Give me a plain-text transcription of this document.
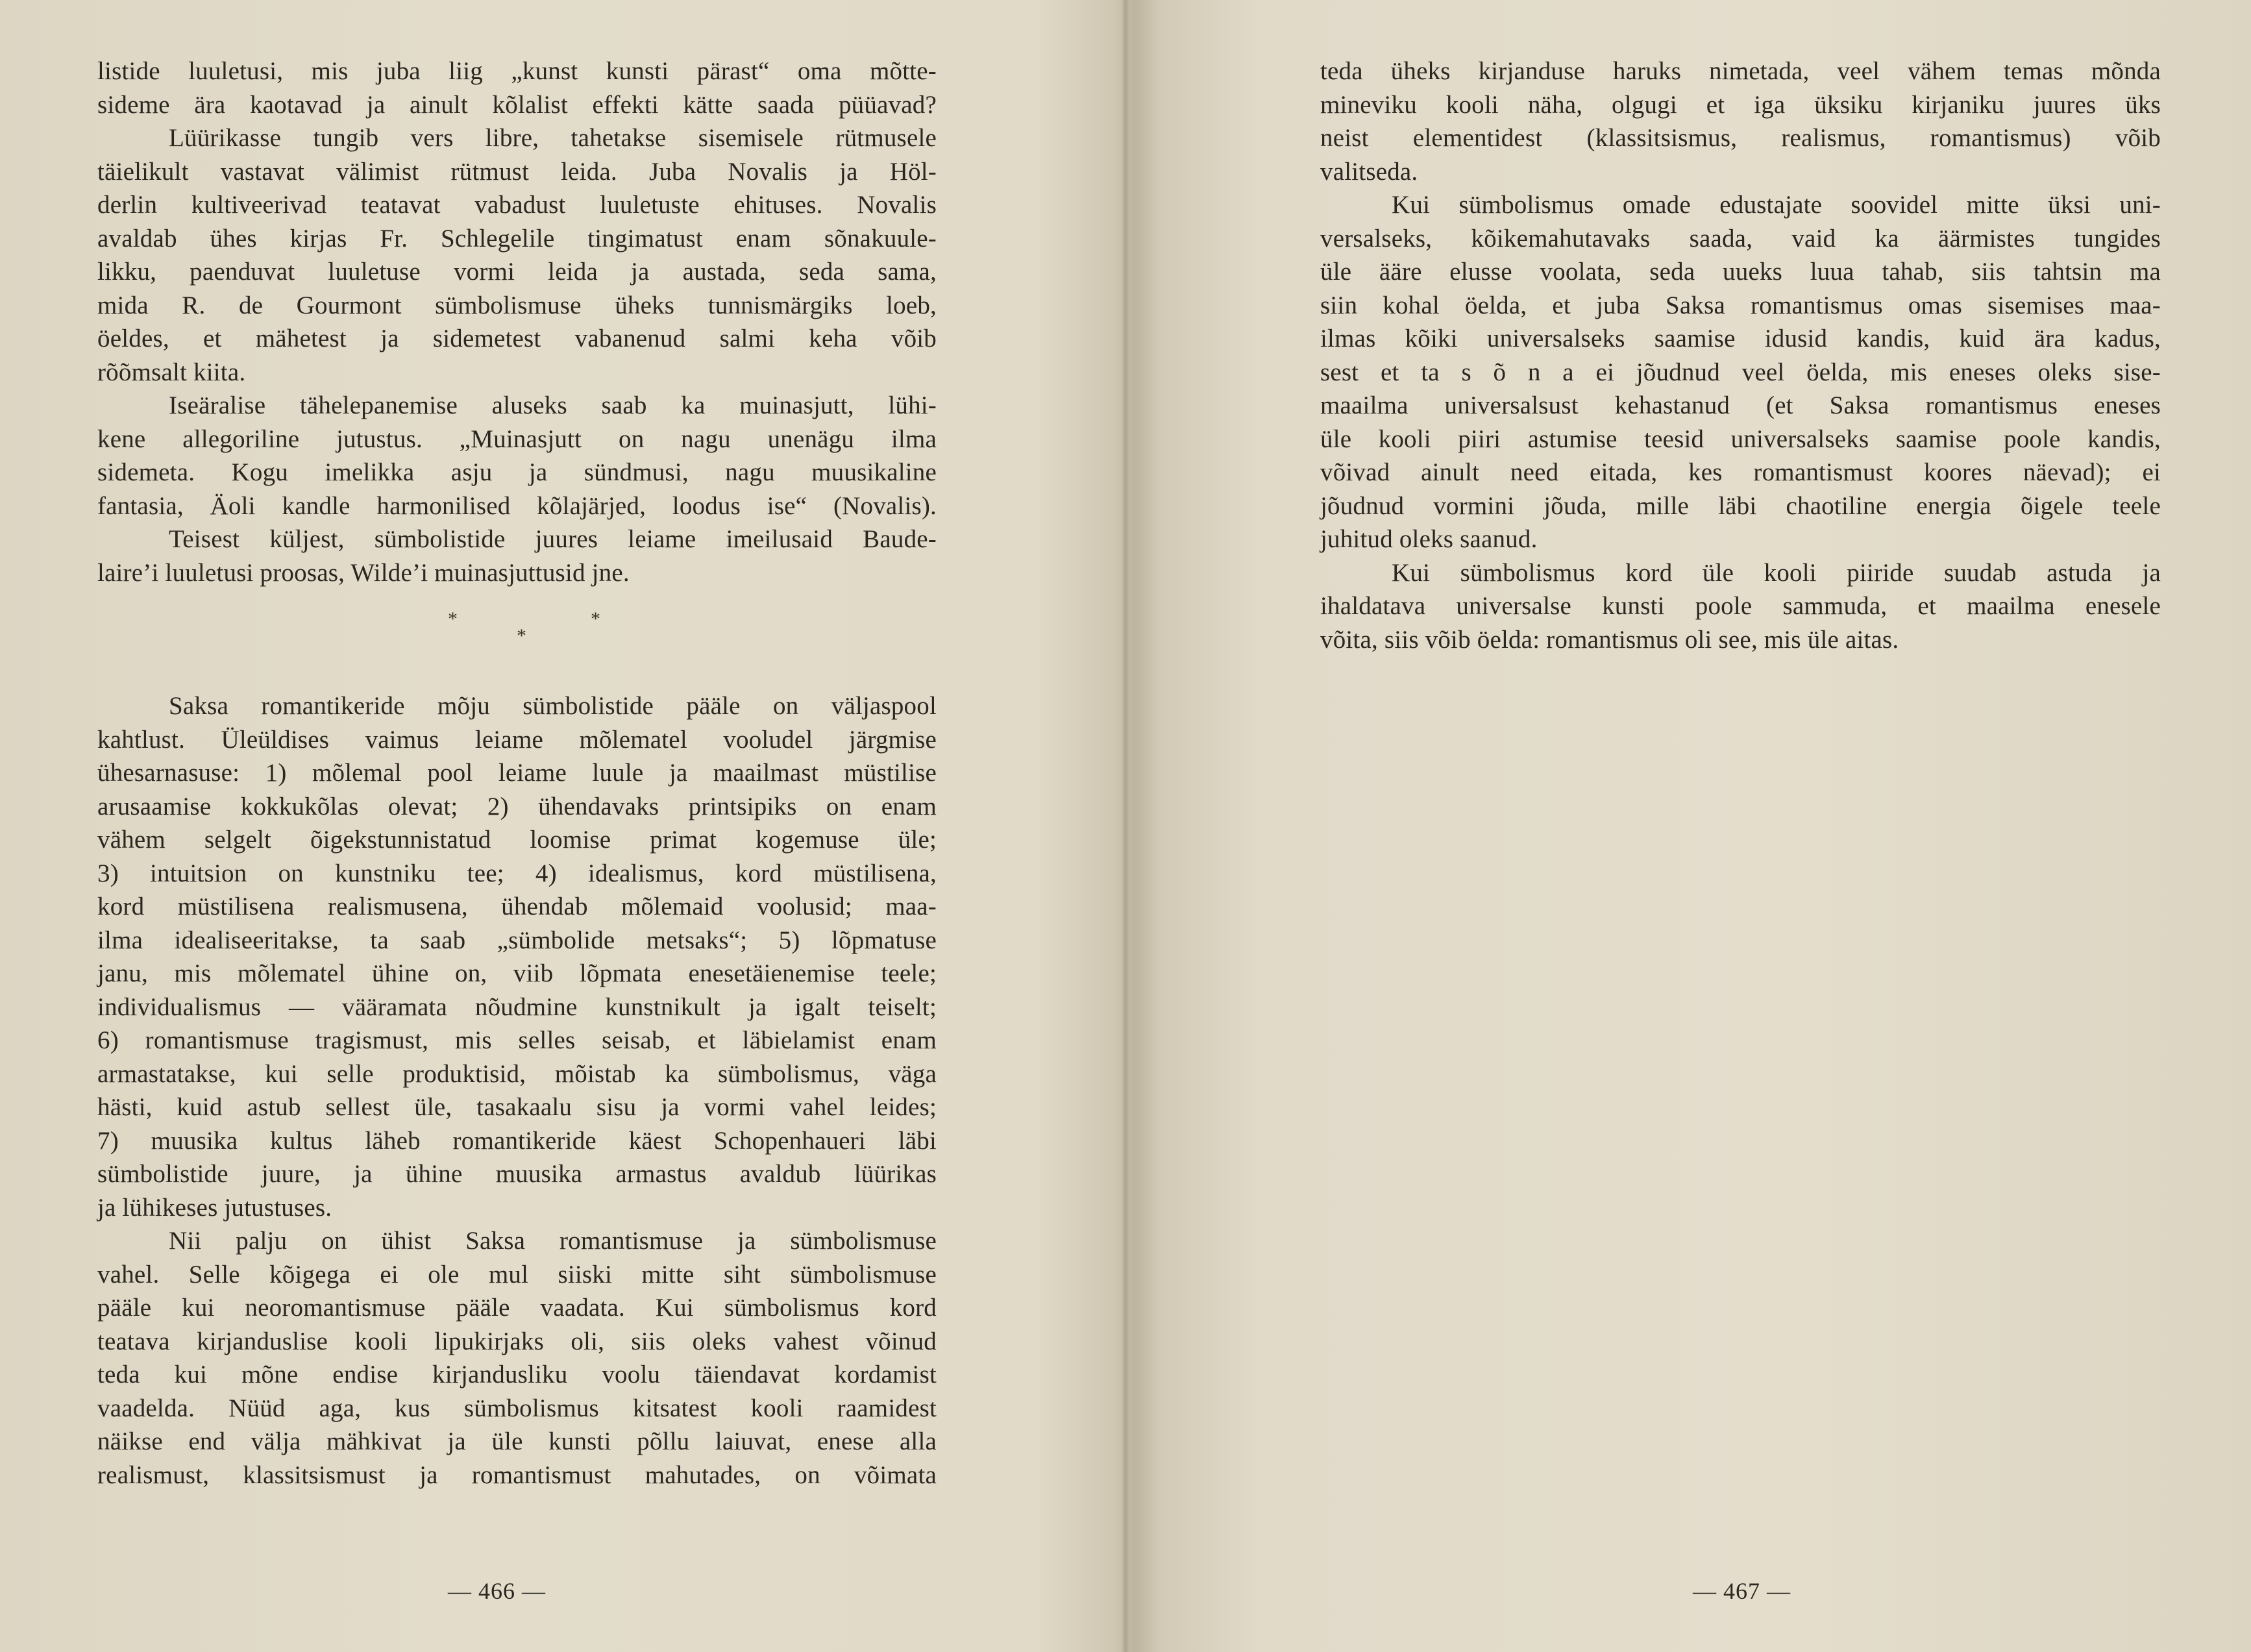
listide luuletusi, mis juba liig „kunst kunsti pärast“ oma mõtte-
sideme ära kaotavad ja ainult kõlalist effekti kätte saada püüavad?
Lüürikasse tungib vers libre, tahetakse sisemisele rütmusele
täielikult vastavat välimist rütmust leida. Juba Novalis ja Höl-
derlin kultiveerivad teatavat vabadust luuletuste ehituses. Novalis
avaldab ühes kirjas Fr. Schlegelile tingimatust enam sõnakuule-
likku, paenduvat luuletuse vormi leida ja austada, seda sama,
mida R. de Gourmont sümbolismuse üheks tunnismärgiks loeb,
öeldes, et mähetest ja sidemetest vabanenud salmi keha võib
rõõmsalt kiita.
Iseäralise tähelepanemise aluseks saab ka muinasjutt, lühi-
kene allegoriline jutustus. „Muinasjutt on nagu unenägu ilma
sidemeta. Kogu imelikka asju ja sündmusi, nagu muusikaline
fantasia, Äoli kandle harmonilised kõlajärjed, loodus ise“ (Novalis).
Teisest küljest, sümbolistide juures leiame imeilusaid Baude-
laire’i luuletusi proosas, Wilde’i muinasjuttusid jne.
*	*
*
Saksa romantikeride mõju sümbolistide pääle on väljaspool
kahtlust. Üleüldises vaimus leiame mõlematel vooludel järgmise
ühesarnasuse: 1) mõlemal pool leiame luule ja maailmast müstilise
arusaamise kokkukõlas olevat; 2) ühendavaks printsipiks on enam
vähem selgelt õigekstunnistatud loomise primat kogemuse üle;
3) intuitsion on kunstniku tee; 4) idealismus, kord müstilisena,
kord müstilisena realismusena, ühendab mõlemaid voolusid; maa-
ilma idealiseeritakse, ta saab „sümbolide metsaks“; 5) lõpmatuse
janu, mis mõlematel ühine on, viib lõpmata enesetäienemise teele;
individualismus — vääramata nõudmine kunstnikult ja igalt teiselt;
6) romantismuse tragismust, mis selles seisab, et läbielamist enam
armastatakse, kui selle produktisid, mõistab ka sümbolismus, väga
hästi, kuid astub sellest üle, tasakaalu sisu ja vormi vahel leides;
7) muusika kultus läheb romantikeride käest Schopenhaueri läbi
sümbolistide juure, ja ühine muusika armastus avaldub lüürikas
ja lühikeses jutustuses.
Nii palju on ühist Saksa romantismuse ja sümbolismuse
vahel. Selle kõigega ei ole mul siiski mitte siht sümbolismuse
pääle kui neoromantismuse pääle vaadata. Kui sümbolismus kord
teatava kirjanduslise kooli lipukirjaks oli, siis oleks vahest võinud
teda kui mõne endise kirjandusliku voolu täiendavat kordamist
vaadelda. Nüüd aga, kus sümbolismus kitsatest kooli raamidest
näikse end välja mähkivat ja üle kunsti põllu laiuvat, enese alla
realismust, klassitsismust ja romantismust mahutades, on võimata
— 466 —
teda üheks kirjanduse haruks nimetada, veel vähem temas mõnda
mineviku kooli näha, olgugi et iga üksiku kirjaniku juures üks
neist elementidest (klassitsismus, realismus, romantismus) võib
valitseda.
Kui sümbolismus omade edustajate soovidel mitte üksi uni-
versalseks, kõikemahutavaks saada, vaid ka äärmistes tungides
üle ääre elusse voolata, seda uueks luua tahab, siis tahtsin ma
siin kohal öelda, et juba Saksa romantismus omas sisemises maa-
ilmas kõiki universalseks saamise idusid kandis, kuid ära kadus,
sest et ta s õ n a ei jõudnud veel öelda, mis eneses oleks sise-
maailma universalsust kehastanud (et Saksa romantismus eneses
üle kooli piiri astumise teesid universalseks saamise poole kandis,
võivad ainult need eitada, kes romantismust koores näevad); ei
jõudnud vormini jõuda, mille läbi chaotiline energia õigele teele
juhitud oleks saanud.
Kui sümbolismus kord üle kooli piiride suudab astuda ja
ihaldatava universalse kunsti poole sammuda, et maailma enesele
võita, siis võib öelda: romantismus oli see, mis üle aitas.
— 467 —
